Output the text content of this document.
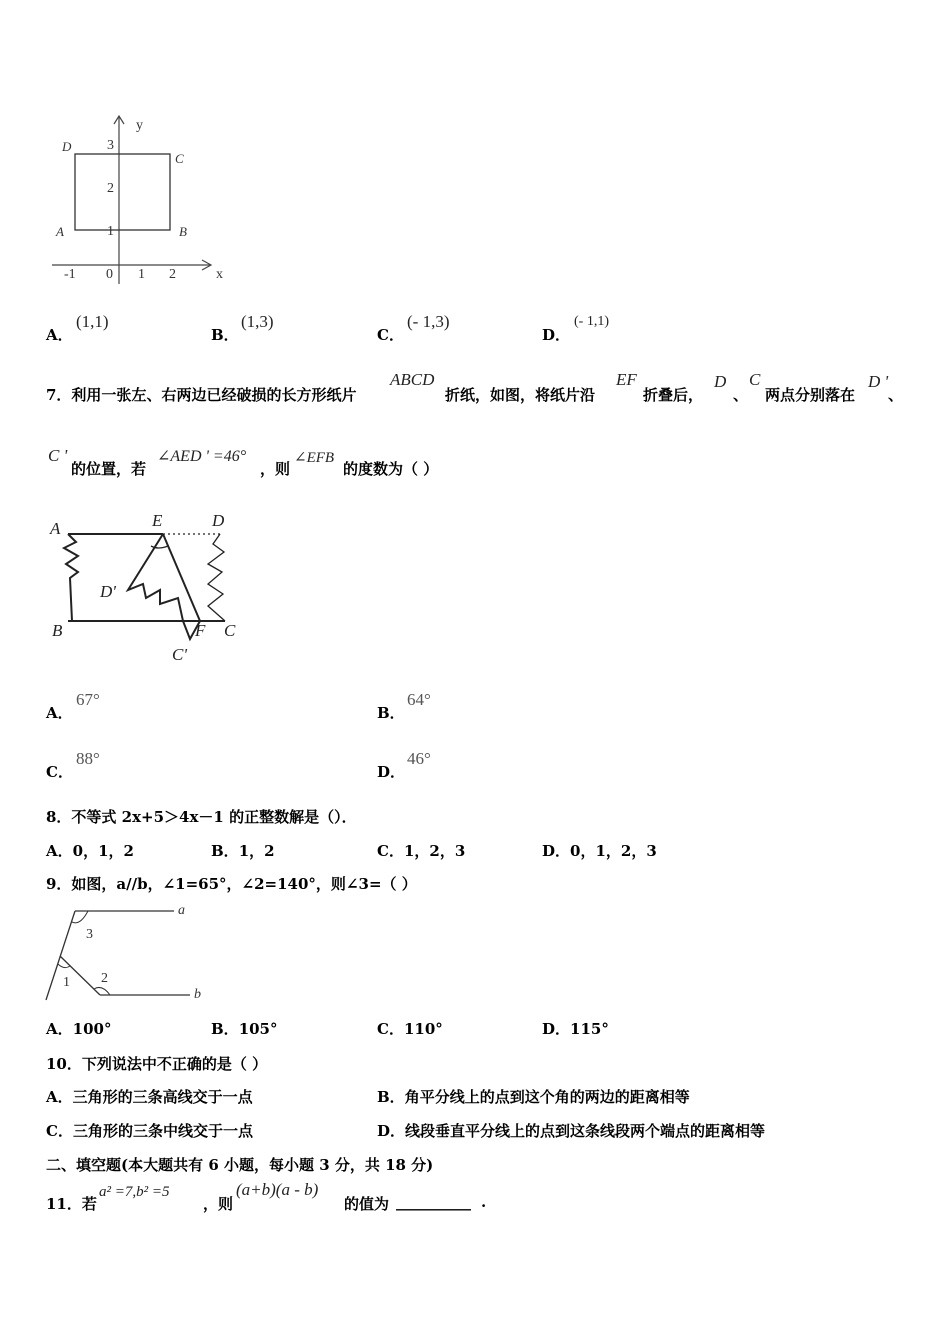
y
x
3
2
1
-1 0 1 2
D
C
A	B
A．
(1,1)
B．
(1,3)
C．
(- 1,3)
D．
(- 1,1)
7．利用一张左、右两边已经破损的长方形纸片
ABCD
折纸，如图，将纸片沿
EF
折叠后，
D
、
C
两点分别落在
D '
、
C '
的位置，若
∠AED ' =46°
，则
∠EFB
的度数为（ ）
A	E	D
D'
B	F C
C'
A．
67°
B．
64°
C．
88°
D．
46°
8．不等式 2x+5＞4x－1 的正整数解是（）．
A．0，1，2	B．1，2	C．1，2，3	D．0，1，2，3
9．如图，a//b，∠1=65°，∠2=140°，则∠3=（ ）
a
b
1 2
3
A．100°	B．105°	C．110°	D．115°
10．下列说法中不正确的是（ ）
A．三角形的三条高线交于一点	B．角平分线上的点到这个角的两边的距离相等
C．三角形的三条中线交于一点	D．线段垂直平分线上的点到这条线段两个端点的距离相等
二、填空题(本大题共有 6 小题，每小题 3 分，共 18 分)
11．若
a² =7,b² =5
，则
(a+b)(a - b)
的值为 __________ .
